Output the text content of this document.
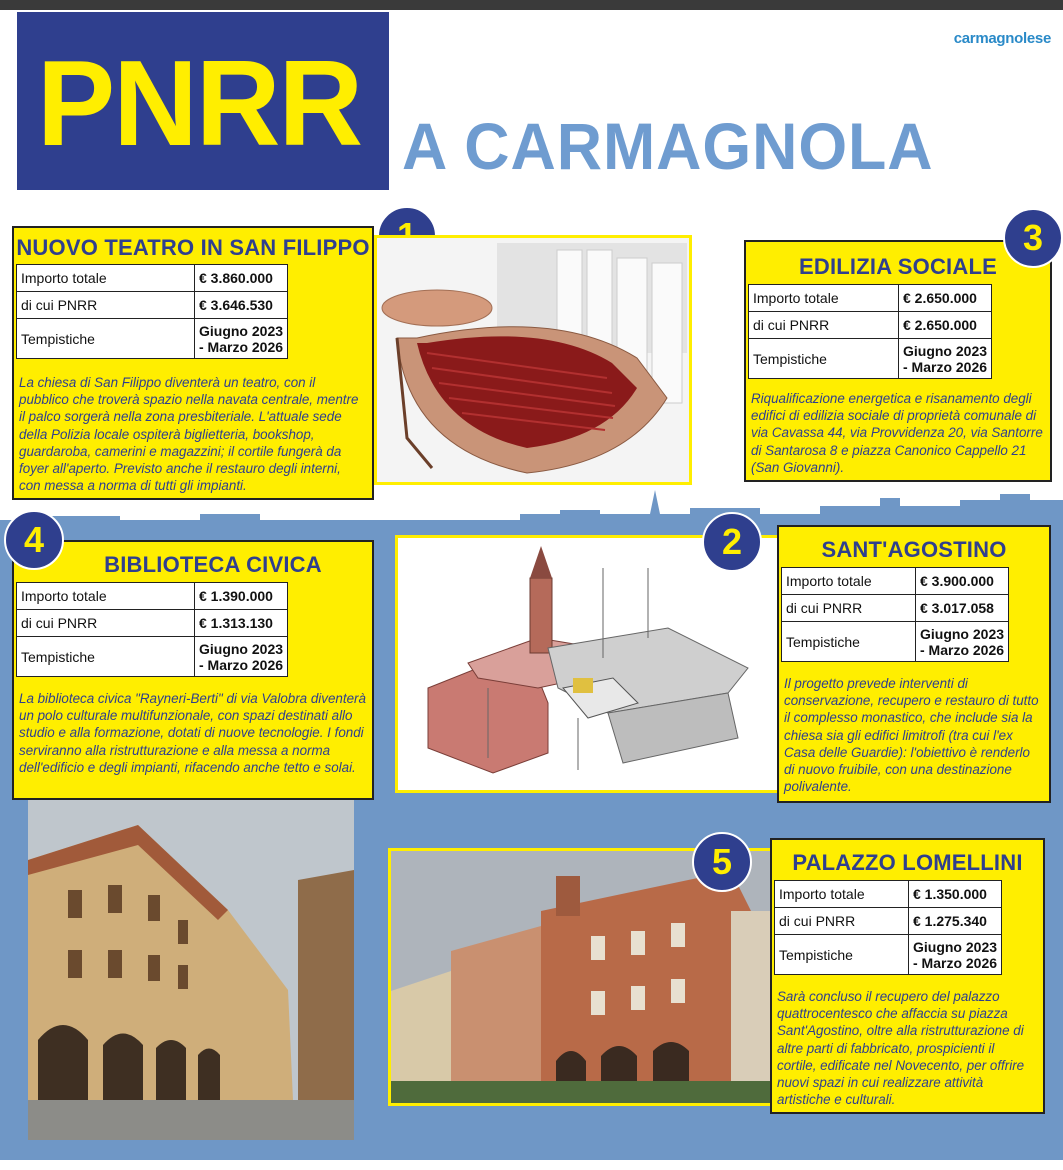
PNRR A CARMAGNOLA
carmagnolese
NUOVO TEATRO IN SAN FILIPPO
Importo totale	€ 3.860.000
di cui PNRR	€ 3.646.530
Tempistiche	Giugno 2023
- Marzo 2026
La chiesa di San Filippo diventerà un teatro, con il pubblico che troverà spazio nella navata centrale, mentre il palco sorgerà nella zona presbiteriale. L'attuale sede della Polizia locale ospiterà biglietteria, bookshop, guardaroba, camerini e magazzini; il cortile fungerà da foyer all'aperto. Previsto anche il restauro degli interni, con messa a norma di tutti gli impianti.
EDILIZIA SOCIALE
Importo totale	€ 2.650.000
di cui PNRR	€ 2.650.000
Tempistiche	Giugno 2023
- Marzo 2026
Riqualificazione energetica e risanamento degli edifici di edilizia sociale di proprietà comunale di via Cavassa 44, via Provvidenza 20, via Santorre di Santarosa 8 e piazza Canonico Cappello 21 (San Giovanni).
3
BIBLIOTECA CIVICA
Importo totale	€ 1.390.000
di cui PNRR	€ 1.313.130
Tempistiche	Giugno 2023
- Marzo 2026
La biblioteca civica "Rayneri-Berti" di via Valobra diventerà un polo culturale multifunzionale, con spazi destinati allo studio e alla formazione, dotati di nuove tecnologie. I fondi serviranno alla ristrutturazione e alla messa a norma dell'edificio e degli impianti, rifacendo anche tetto e solai.
4	SANT'AGOSTINO
Importo totale	€ 3.900.000
di cui PNRR	€ 3.017.058
Tempistiche	Giugno 2023
- Marzo 2026
Il progetto prevede interventi di conservazione, recupero e restauro di tutto il complesso monastico, che include sia la chiesa sia gli edifici limitrofi (tra cui l'ex Casa delle Guardie): l'obiettivo è renderlo di nuovo fruibile, con una destinazione polivalente.
2
PALAZZO LOMELLINI
Importo totale	€ 1.350.000
di cui PNRR	€ 1.275.340
Tempistiche	Giugno 2023
- Marzo 2026
Sarà concluso il recupero del palazzo quattrocentesco che affaccia su piazza Sant'Agostino, oltre alla ristrutturazione di altre parti di fabbricato, prospicienti il cortile, edificate nel Novecento, per offrire nuovi spazi in cui realizzare attività artistiche e culturali.
5
